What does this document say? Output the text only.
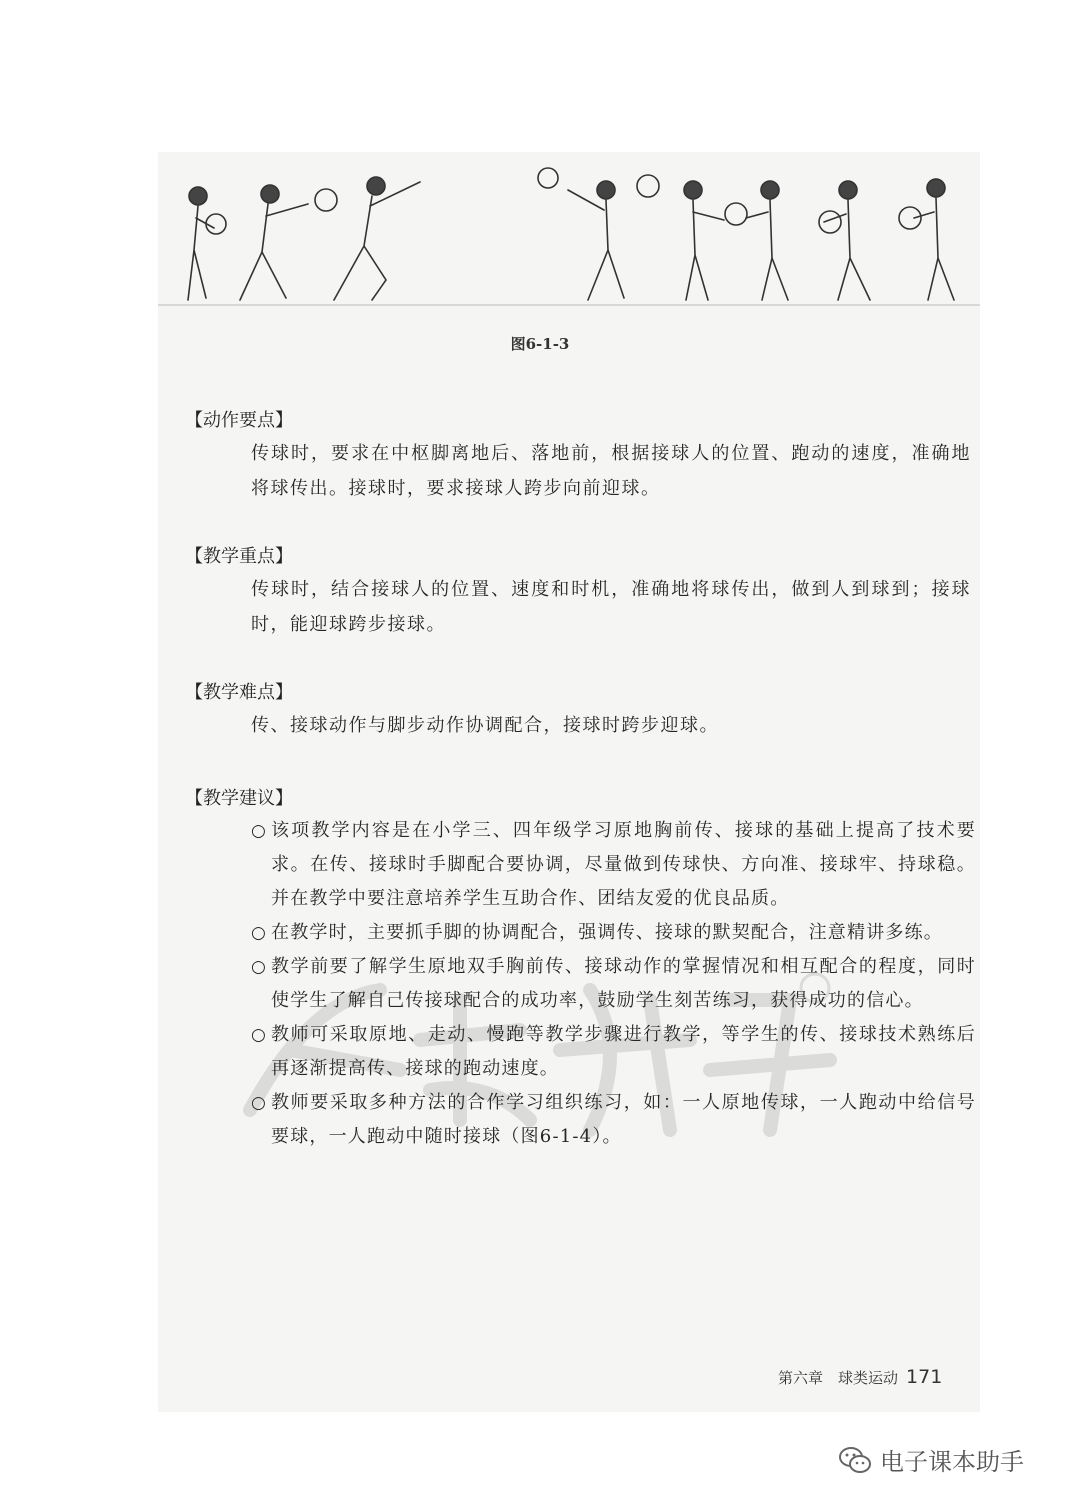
图6-1-3
【动作要点】
传球时，要求在中枢脚离地后、落地前，根据接球人的位置、跑动的速度，准确地将球传出。接球时，要求接球人跨步向前迎球。
【教学重点】
传球时，结合接球人的位置、速度和时机，准确地将球传出，做到人到球到；接球时，能迎球跨步接球。
【教学难点】
传、接球动作与脚步动作协调配合，接球时跨步迎球。
【教学建议】
○ 该项教学内容是在小学三、四年级学习原地胸前传、接球的基础上提高了技术要求。在传、接球时手脚配合要协调，尽量做到传球快、方向准、接球牢、持球稳。并在教学中要注意培养学生互助合作、团结友爱的优良品质。
○ 在教学时，主要抓手脚的协调配合，强调传、接球的默契配合，注意精讲多练。
○ 教学前要了解学生原地双手胸前传、接球动作的掌握情况和相互配合的程度，同时使学生了解自己传接球配合的成功率，鼓励学生刻苦练习，获得成功的信心。
○ 教师可采取原地、走动、慢跑等教学步骤进行教学，等学生的传、接球技术熟练后再逐渐提高传、接球的跑动速度。
○ 教师要采取多种方法的合作学习组织练习，如：一人原地传球，一人跑动中给信号要球，一人跑动中随时接球（图6-1-4）。
第六章　球类运动 171
电子课本助手
